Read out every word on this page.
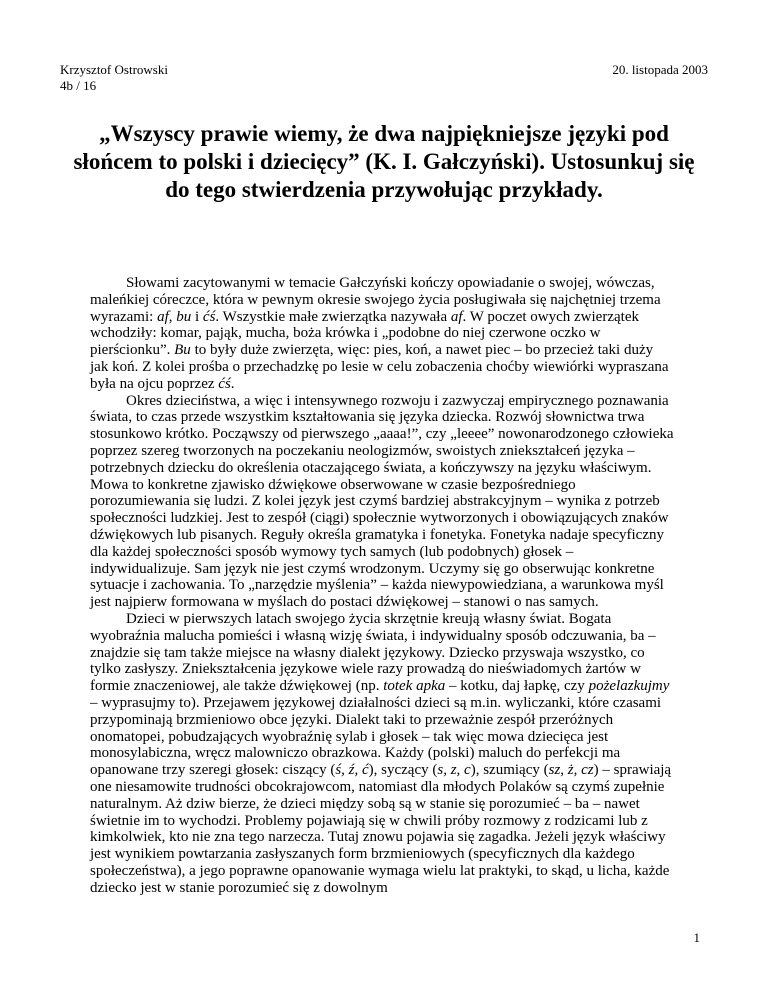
Krzysztof Ostrowski
4b / 16
20. listopada 2003
„Wszyscy prawie wiemy, że dwa najpiękniejsze języki pod słońcem to polski i dziecięcy” (K. I. Gałczyński). Ustosunkuj się do tego stwierdzenia przywołując przykłady.

Słowami zacytowanymi w temacie Gałczyński kończy opowiadanie o swojej, wówczas, maleńkiej córeczce, która w pewnym okresie swojego życia posługiwała się najchętniej trzema wyrazami: af, bu i ćś. Wszystkie małe zwierzątka nazywała af. W poczet owych zwierzątek wchodziły: komar, pająk, mucha, boża krówka i „podobne do niej czerwone oczko w pierścionku”. Bu to były duże zwierzęta, więc: pies, koń, a nawet piec – bo przecież taki duży jak koń. Z kolei prośba o przechadzkę po lesie w celu zobaczenia choćby wiewiórki wypraszana była na ojcu poprzez ćś.

Okres dzieciństwa, a więc i intensywnego rozwoju i zazwyczaj empirycznego poznawania świata, to czas przede wszystkim kształtowania się języka dziecka. Rozwój słownictwa trwa stosunkowo krótko. Począwszy od pierwszego „aaaa!”, czy „leeee” nowonarodzonego człowieka poprzez szereg tworzonych na poczekaniu neologizmów, swoistych zniekształceń języka – potrzebnych dziecku do określenia otaczającego świata, a kończywszy na języku właściwym. Mowa to konkretne zjawisko dźwiękowe obserwowane w czasie bezpośredniego porozumiewania się ludzi. Z kolei język jest czymś bardziej abstrakcyjnym – wynika z potrzeb społeczności ludzkiej. Jest to zespół (ciągi) społecznie wytworzonych i obowiązujących znaków dźwiękowych lub pisanych. Reguły określa gramatyka i fonetyka. Fonetyka nadaje specyficzny dla każdej społeczności sposób wymowy tych samych (lub podobnych) głosek – indywidualizuje. Sam język nie jest czymś wrodzonym. Uczymy się go obserwując konkretne sytuacje i zachowania. To „narzędzie myślenia” – każda niewypowiedziana, a warunkowa myśl jest najpierw formowana w myślach do postaci dźwiękowej – stanowi o nas samych.

Dzieci w pierwszych latach swojego życia skrzętnie kreują własny świat. Bogata wyobraźnia malucha pomieści i własną wizję świata, i indywidualny sposób odczuwania, ba – znajdzie się tam także miejsce na własny dialekt językowy. Dziecko przyswaja wszystko, co tylko zasłyszy. Zniekształcenia językowe wiele razy prowadzą do nieświadomych żartów w formie znaczeniowej, ale także dźwiękowej (np. totek apka – kotku, daj łapkę, czy pożelazkujmy – wyprasujmy to). Przejawem językowej działalności dzieci są m.in. wyliczanki, które czasami przypominają brzmieniowo obce języki. Dialekt taki to przeważnie zespół przeróżnych onomatopei, pobudzających wyobraźnię sylab i głosek – tak więc mowa dziecięca jest monosylabiczna, wręcz malowniczo obrazkowa. Każdy (polski) maluch do perfekcji ma opanowane trzy szeregi głosek: ciszący (ś, ź, ć), syczący (s, z, c), szumiący (sz, ż, cz) – sprawiają one niesamowite trudności obcokrajowcom, natomiast dla młodych Polaków są czymś zupełnie naturalnym. Aż dziw bierze, że dzieci między sobą są w stanie się porozumieć – ba – nawet świetnie im to wychodzi. Problemy pojawiają się w chwili próby rozmowy z rodzicami lub z kimkolwiek, kto nie zna tego narzecza. Tutaj znowu pojawia się zagadka. Jeżeli język właściwy jest wynikiem powtarzania zasłyszanych form brzmieniowych (specyficznych dla każdego społeczeństwa), a jego poprawne opanowanie wymaga wielu lat praktyki, to skąd, u licha, każde dziecko jest w stanie porozumieć się z dowolnym

1
